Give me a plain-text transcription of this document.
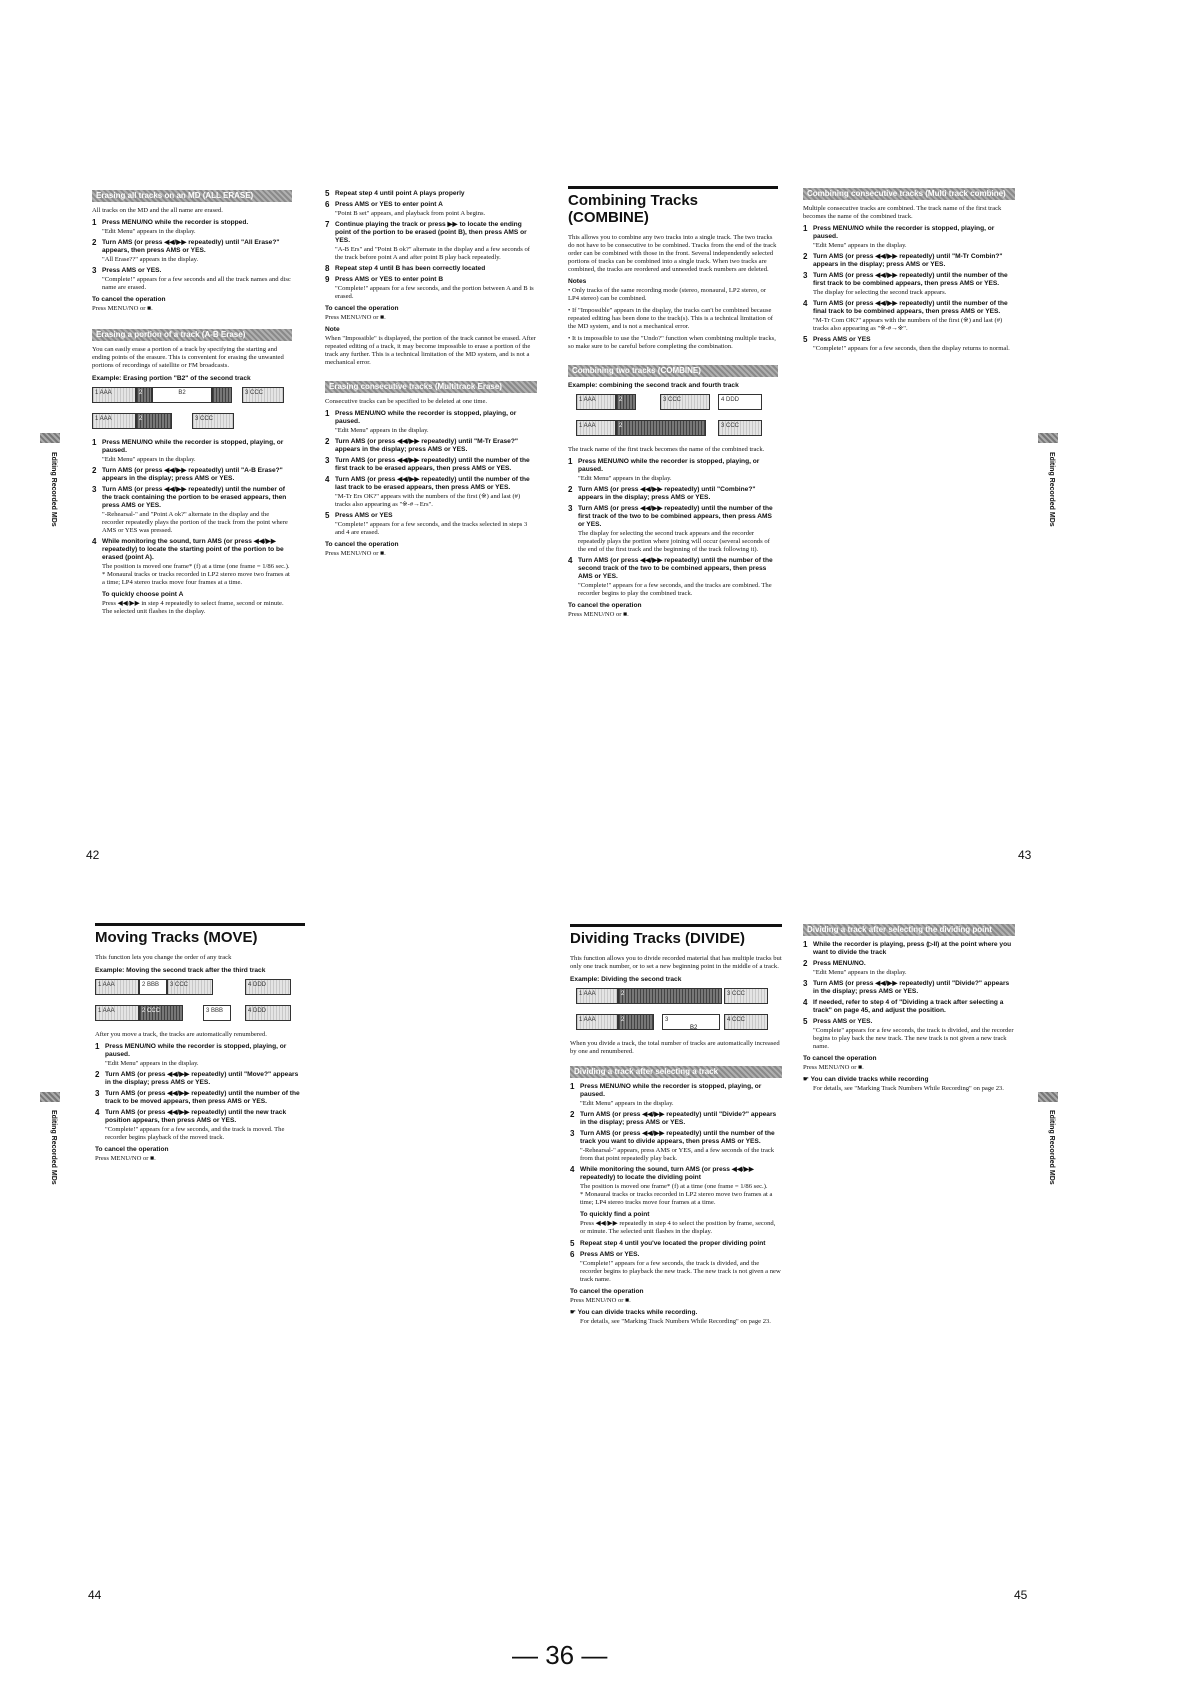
Erasing all tracks on an MD (ALL ERASE)
All tracks on the MD and the all name are erased.
1 Press MENU/NO while the recorder is stopped.
"Edit Menu" appears in the display.
2 Turn AMS (or press ◀◀/▶▶ repeatedly) until "All Erase?" appears, then press AMS or YES.
"All Erase??" appears in the display.
3 Press AMS or YES.
"Complete!" appears for a few seconds and all the track names and disc name are erased.
To cancel the operation
Press MENU/NO or ■.
Erasing a portion of a track (A-B Erase)
You can easily erase a portion of a track by specifying the starting and ending points of the erasure. This is convenient for erasing the unwanted portions of recordings of satellite or FM broadcasts.
Example: Erasing portion "B2" of the second track
1 AAA	2	B2	3 CCC
1 AAA	2	3 CCC
1 Press MENU/NO while the recorder is stopped, playing, or paused.
"Edit Menu" appears in the display.
2 Turn AMS (or press ◀◀/▶▶ repeatedly) until "A-B Erase?" appears in the display; press AMS or YES.
3 Turn AMS (or press ◀◀/▶▶ repeatedly) until the number of the track containing the portion to be erased appears, then press AMS or YES.
"-Rehearsal-" and "Point A ok?" alternate in the display and the recorder repeatedly plays the portion of the track from the point where AMS or YES was pressed.
4 While monitoring the sound, turn AMS (or press ◀◀/▶▶ repeatedly) to locate the starting point of the portion to be erased (point A).
The position is moved one frame* (f) at a time (one frame = 1/86 sec.).
* Monaural tracks or tracks recorded in LP2 stereo move two frames at a time; LP4 stereo tracks move four frames at a time.
To quickly choose point A
Press ◀◀/▶▶ in step 4 repeatedly to select frame, second or minute. The selected unit flashes in the display.
42
Editing Recorded MDs
5 Repeat step 4 until point A plays properly
6 Press AMS or YES to enter point A
"Point B set" appears, and playback from point A begins.
7 Continue playing the track or press ▶▶ to locate the ending point of the portion to be erased (point B), then press AMS or YES.
"A-B Ers" and "Point B ok?" alternate in the display and a few seconds of the track before point A and after point B play back repeatedly.
8 Repeat step 4 until B has been correctly located
9 Press AMS or YES to enter point B
"Complete!" appears for a few seconds, and the portion between A and B is erased.
To cancel the operation
Press MENU/NO or ■.
Note
When "Impossible" is displayed, the portion of the track cannot be erased. After repeated editing of a track, it may become impossible to erase a portion of the track any further. This is a technical limitation of the MD system, and is not a mechanical error.
Erasing consecutive tracks (Multitrack Erase)
Consecutive tracks can be specified to be deleted at one time.
1 Press MENU/NO while the recorder is stopped, playing, or paused.
"Edit Menu" appears in the display.
2 Turn AMS (or press ◀◀/▶▶ repeatedly) until "M-Tr Erase?" appears in the display; press AMS or YES.
3 Turn AMS (or press ◀◀/▶▶ repeatedly) until the number of the first track to be erased appears, then press AMS or YES.
4 Turn AMS (or press ◀◀/▶▶ repeatedly) until the number of the last track to be erased appears, then press AMS or YES.
"M-Tr Ers OK?" appears with the numbers of the first (※) and last (#) tracks also appearing as "※-#→Ers".
5 Press AMS or YES
"Complete!" appears for a few seconds, and the tracks selected in steps 3 and 4 are erased.
To cancel the operation
Press MENU/NO or ■.
Combining Tracks (COMBINE)
This allows you to combine any two tracks into a single track. The two tracks do not have to be consecutive to be combined. Tracks from the end of the track order can be combined with those in the front. Several independently selected portions of tracks can be combined into a single track. When two tracks are combined, the tracks are reordered and unneeded track numbers are deleted.
Notes
• Only tracks of the same recording mode (stereo, monaural, LP2 stereo, or LP4 stereo) can be combined.
• If "Impossible" appears in the display, the tracks can't be combined because repeated editing has been done to the track(s). This is a technical limitation of the MD system, and is not a mechanical error.
• It is impossible to use the "Undo?" function when combining multiple tracks, so make sure to be careful before completing the combination.
Combining two tracks (COMBINE)
Example: combining the second track and fourth track
1 AAA	2	3 CCC	4 DDD
1 AAA	2	3 CCC
The track name of the first track becomes the name of the combined track.
1 Press MENU/NO while the recorder is stopped, playing, or paused.
"Edit Menu" appears in the display.
2 Turn AMS (or press ◀◀/▶▶ repeatedly) until "Combine?" appears in the display; press AMS or YES.
3 Turn AMS (or press ◀◀/▶▶ repeatedly) until the number of the first track of the two to be combined appears, then press AMS or YES.
The display for selecting the second track appears and the recorder repeatedly plays the portion where joining will occur (several seconds of the end of the first track and the beginning of the track following it).
4 Turn AMS (or press ◀◀/▶▶ repeatedly) until the number of the second track of the two to be combined appears, then press AMS or YES.
"Complete!" appears for a few seconds, and the tracks are combined. The recorder begins to play the combined track.
To cancel the operation
Press MENU/NO or ■.
Combining consecutive tracks (Multi track combine)
Multiple consecutive tracks are combined. The track name of the first track becomes the name of the combined track.
1 Press MENU/NO while the recorder is stopped, playing, or paused.
"Edit Menu" appears in the display.
2 Turn AMS (or press ◀◀/▶▶ repeatedly) until "M-Tr Combin?" appears in the display; press AMS or YES.
3 Turn AMS (or press ◀◀/▶▶ repeatedly) until the number of the first track to be combined appears, then press AMS or YES.
The display for selecting the second track appears.
4 Turn AMS (or press ◀◀/▶▶ repeatedly) until the number of the final track to be combined appears, then press AMS or YES.
"M-Tr Com OK?" appears with the numbers of the first (※) and last (#) tracks also appearing as "※-#→※".
5 Press AMS or YES
"Complete!" appears for a few seconds, then the display returns to normal.
43
Editing Recorded MDs
Moving Tracks (MOVE)
This function lets you change the order of any track
Example: Moving the second track after the third track
1 AAA	2 BBB	3 CCC	4 DDD
1 AAA	2 CCC	3 BBB	4 DDD
After you move a track, the tracks are automatically renumbered.
1 Press MENU/NO while the recorder is stopped, playing, or paused.
"Edit Menu" appears in the display.
2 Turn AMS (or press ◀◀/▶▶ repeatedly) until "Move?" appears in the display; press AMS or YES.
3 Turn AMS (or press ◀◀/▶▶ repeatedly) until the number of the track to be moved appears, then press AMS or YES.
4 Turn AMS (or press ◀◀/▶▶ repeatedly) until the new track position appears, then press AMS or YES.
"Complete!" appears for a few seconds, and the track is moved. The recorder begins playback of the moved track.
To cancel the operation
Press MENU/NO or ■.
44
Editing Recorded MDs
Dividing Tracks (DIVIDE)
This function allows you to divide recorded material that has multiple tracks but only one track number, or to set a new beginning point in the middle of a track.
Example: Dividing the second track
1 AAA	2	3 CCC
1 AAA	2	3
B2
4 CCC
When you divide a track, the total number of tracks are automatically increased by one and renumbered.
Dividing a track after selecting a track
1 Press MENU/NO while the recorder is stopped, playing, or paused.
"Edit Menu" appears in the display.
2 Turn AMS (or press ◀◀/▶▶ repeatedly) until "Divide?" appears in the display; press AMS or YES.
3 Turn AMS (or press ◀◀/▶▶ repeatedly) until the number of the track you want to divide appears, then press AMS or YES.
"-Rehearsal-" appears, press AMS or YES, and a few seconds of the track from that point repeatedly play back.
4 While monitoring the sound, turn AMS (or press ◀◀/▶▶ repeatedly) to locate the dividing point
The position is moved one frame* (f) at a time (one frame = 1/86 sec.).
* Monaural tracks or tracks recorded in LP2 stereo move two frames at a time; LP4 stereo tracks move four frames at a time.
To quickly find a point
Press ◀◀/▶▶ repeatedly in step 4 to select the position by frame, second, or minute. The selected unit flashes in the display.
5 Repeat step 4 until you've located the proper dividing point
6 Press AMS or YES.
"Complete!" appears for a few seconds, the track is divided, and the recorder begins to playback the new track. The new track is not given a new track name.
To cancel the operation
Press MENU/NO or ■.
☛ You can divide tracks while recording.
For details, see "Marking Track Numbers While Recording" on page 23.
Dividing a track after selecting the dividing point
1 While the recorder is playing, press (▷II) at the point where you want to divide the track
2 Press MENU/NO.
"Edit Menu" appears in the display.
3 Turn AMS (or press ◀◀/▶▶ repeatedly) until "Divide?" appears in the display; press AMS or YES.
4 If needed, refer to step 4 of "Dividing a track after selecting a track" on page 45, and adjust the position.
5 Press AMS or YES.
"Complete" appears for a few seconds, the track is divided, and the recorder begins to play back the new track. The new track is not given a new track name.
To cancel the operation
Press MENU/NO or ■.
☛ You can divide tracks while recording
For details, see "Marking Track Numbers While Recording" on page 23.
45
Editing Recorded MDs
— 36 —
